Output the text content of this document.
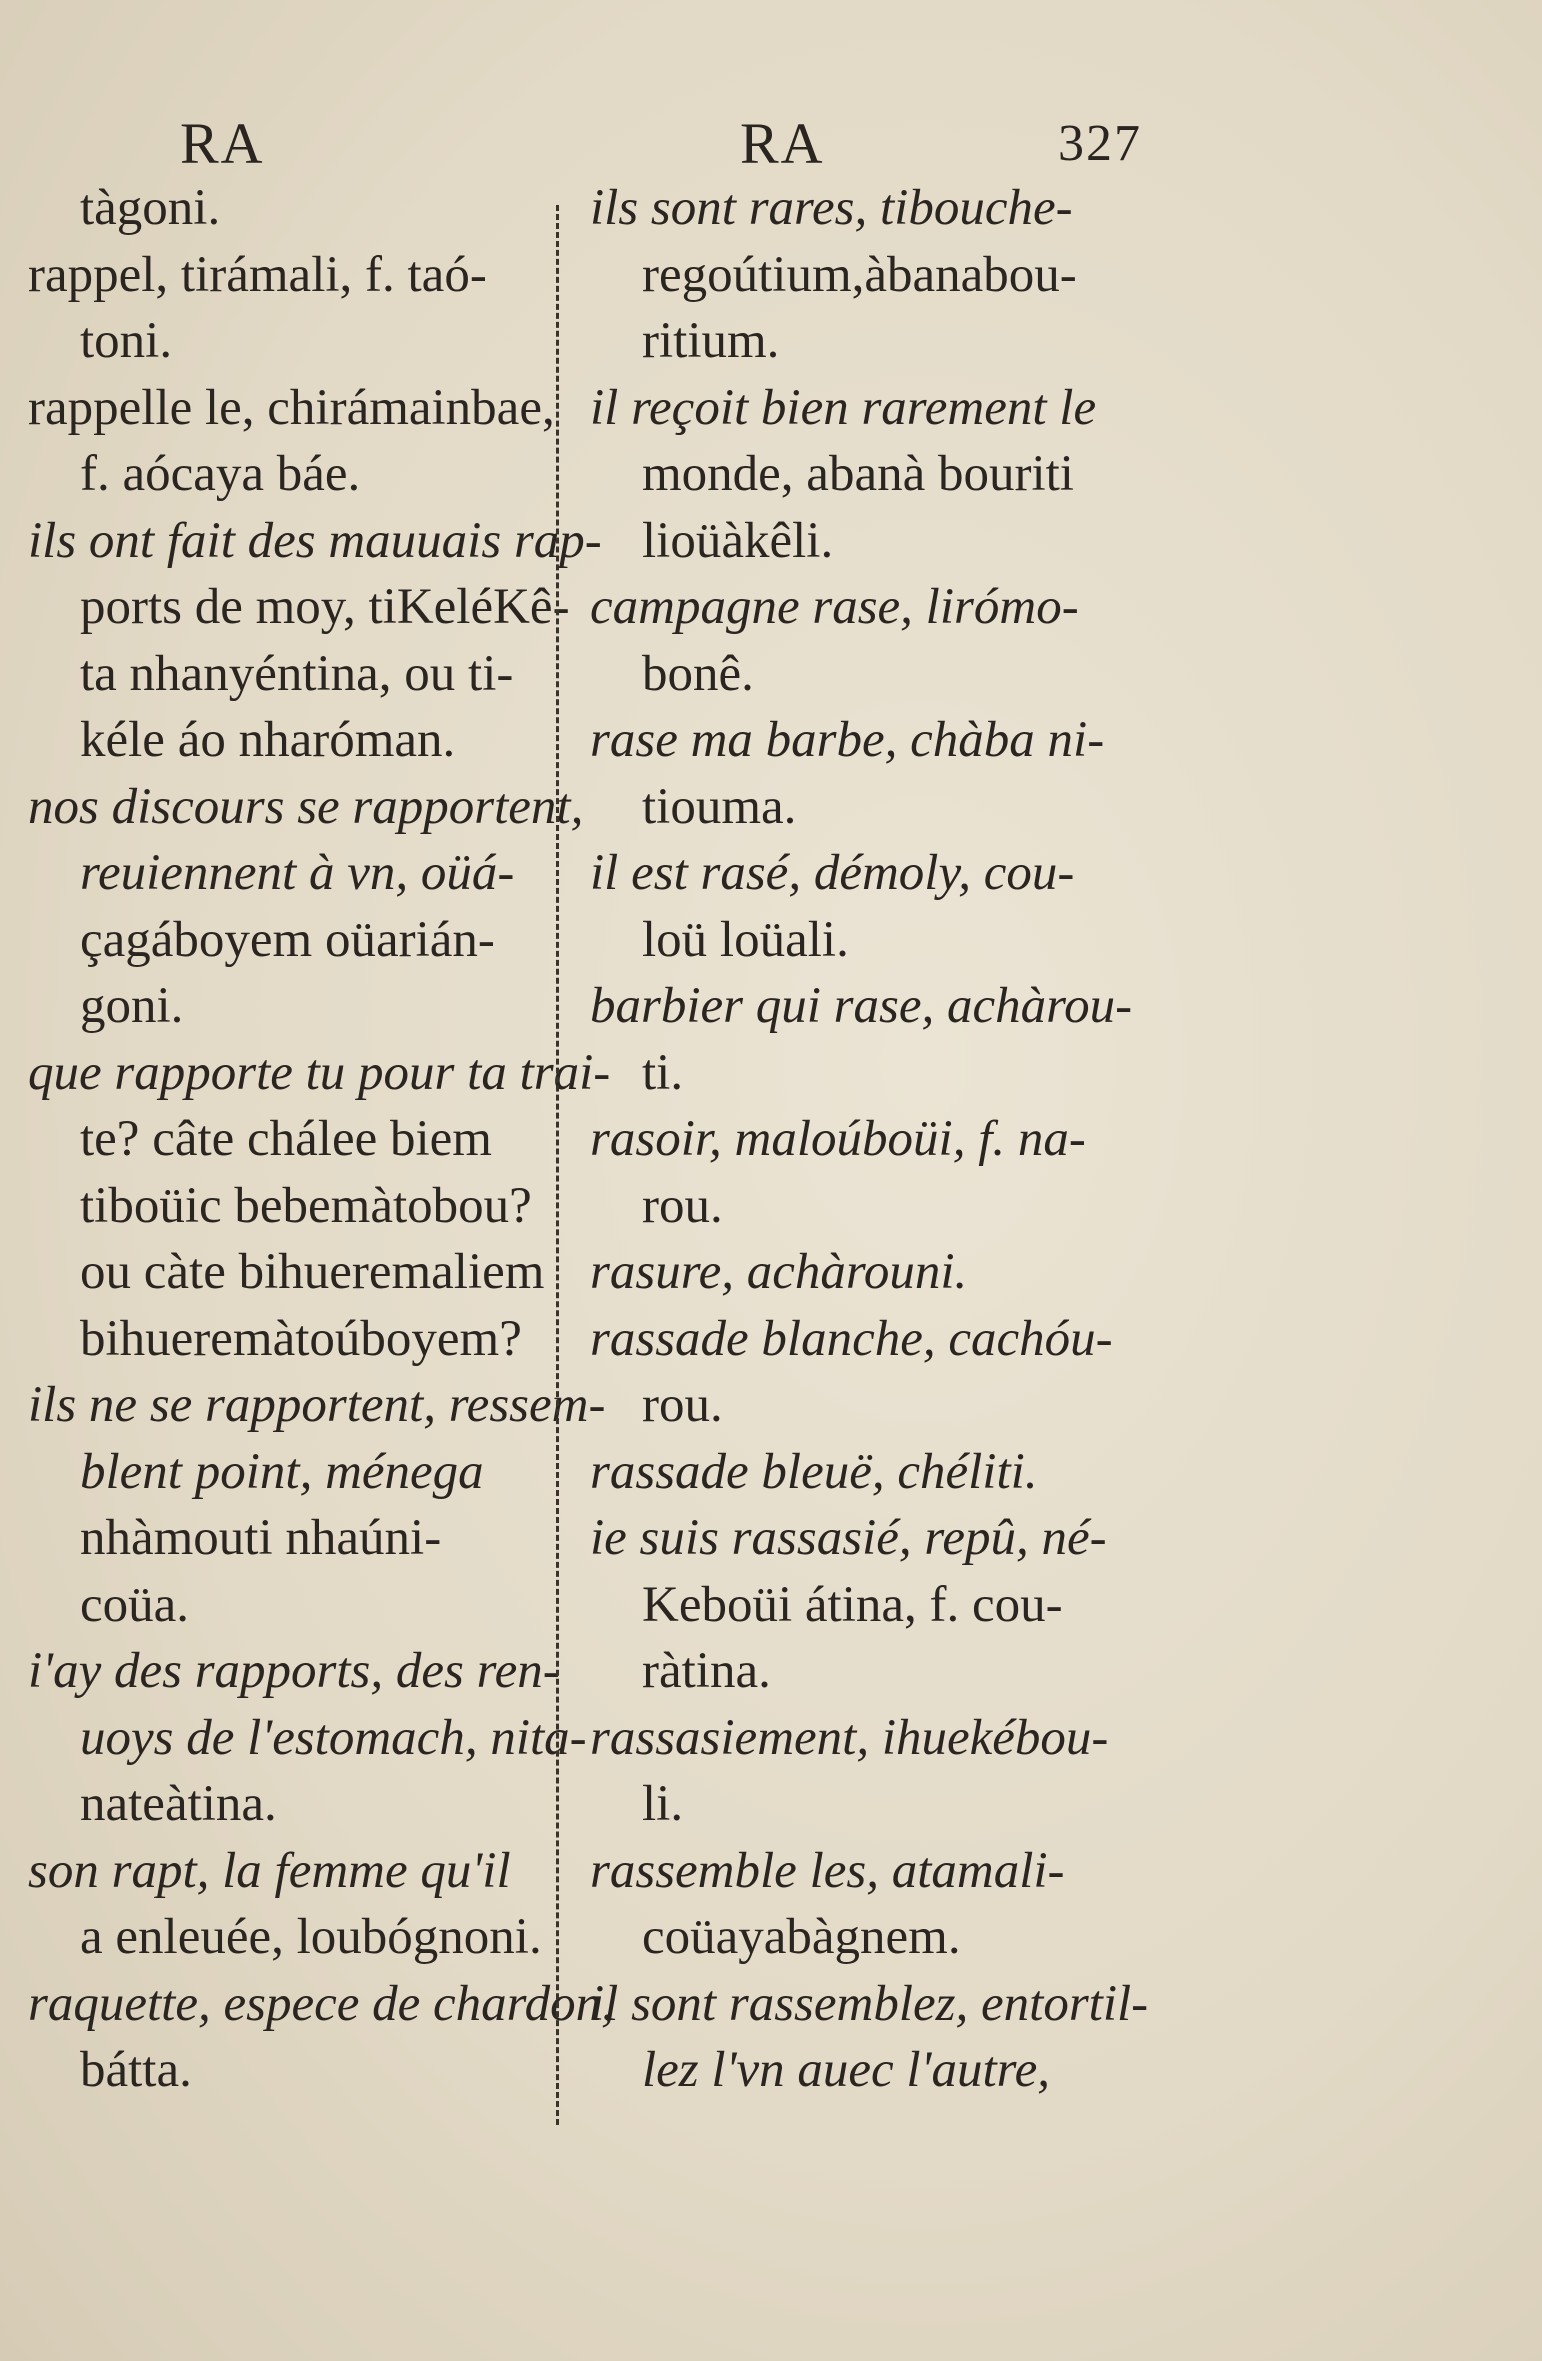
RA	RA	327
tàgoni.
rappel, tirámali, f. taó-
toni.
rappelle le, chirámainbae,
f. aócaya báe.
ils ont fait des mauuais rap-
ports de moy, tiKeléKê-
ta nhanyéntina, ou ti-
kéle áo nharóman.
nos discours se rapportent,
reuiennent à vn, oüá-
çagáboyem oüarián-
goni.
que rapporte tu pour ta trai-
te? câte chálee biem
tiboüic bebemàtobou?
ou càte bihueremaliem
bihueremàtoúboyem?
ils ne se rapportent, ressem-
blent point, ménega
nhàmouti nhaúni-
coüa.
i'ay des rapports, des ren-
uoys de l'estomach, nita-
nateàtina.
son rapt, la femme qu'il
a enleuée, loubógnoni.
raquette, espece de chardon,
bátta.
ils sont rares, tibouche-
regoútium,àbanabou-
ritium.
il reçoit bien rarement le
monde, abanà bouriti
lioüàkêli.
campagne rase, lirómo-
bonê.
rase ma barbe, chàba ni-
tiouma.
il est rasé, démoly, cou-
loü loüali.
barbier qui rase, achàrou-
ti.
rasoir, maloúboüi, f. na-
rou.
rasure, achàrouni.
rassade blanche, cachóu-
rou.
rassade bleuë, chéliti.
ie suis rassasié, repû, né-
Keboüi átina, f. cou-
ràtina.
rassasiement, ihuekébou-
li.
rassemble les, atamali-
coüayabàgnem.
il sont rassemblez, entortil-
lez l'vn auec l'autre,
